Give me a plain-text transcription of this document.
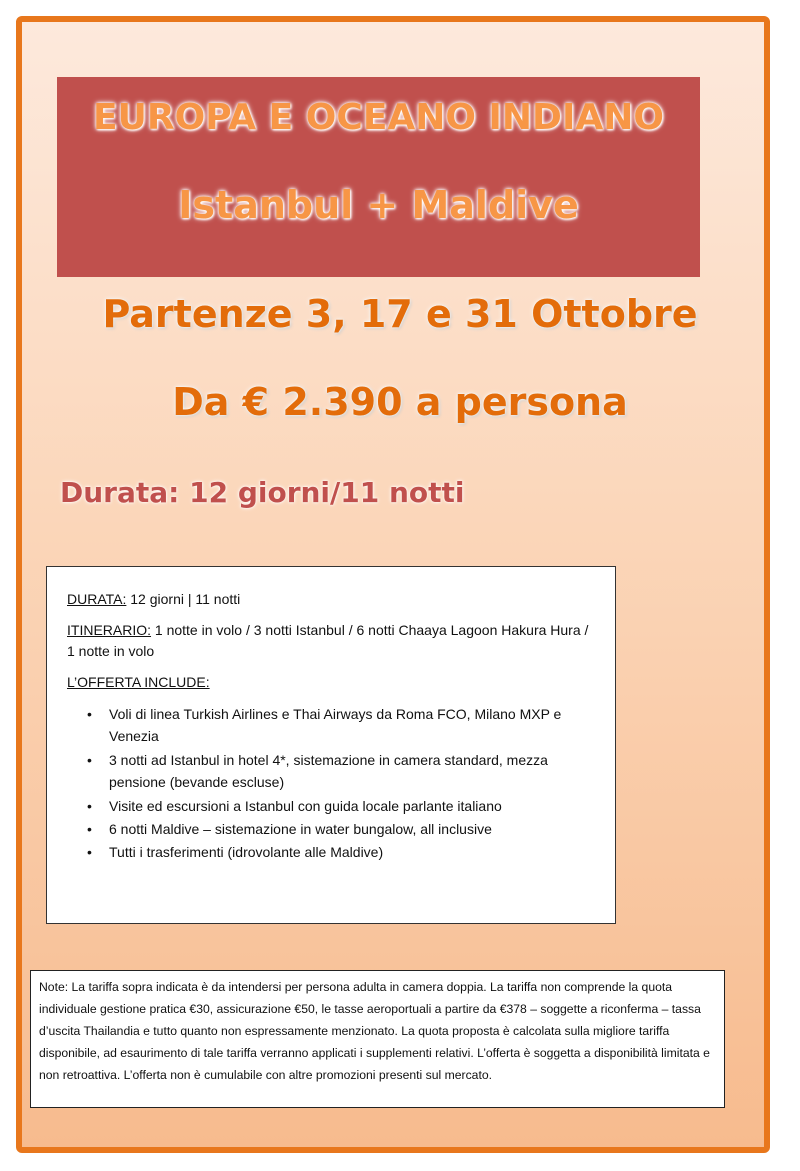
EUROPA E OCEANO INDIANO
Istanbul + Maldive
Partenze 3, 17 e 31 Ottobre
Da € 2.390 a persona
Durata: 12 giorni/11 notti
DURATA: 12 giorni | 11 notti
ITINERARIO: 1 notte in volo / 3 notti Istanbul / 6 notti Chaaya Lagoon Hakura Hura / 1 notte in volo
L’OFFERTA INCLUDE:
• Voli di linea Turkish Airlines e Thai Airways da Roma FCO, Milano MXP e Venezia
• 3 notti ad Istanbul in hotel 4*, sistemazione in camera standard, mezza pensione (bevande escluse)
• Visite ed escursioni a Istanbul con guida locale parlante italiano
• 6 notti Maldive – sistemazione in water bungalow, all inclusive
• Tutti i trasferimenti (idrovolante alle Maldive)
Note: La tariffa sopra indicata è da intendersi per persona adulta in camera doppia. La tariffa non comprende la quota individuale gestione pratica €30, assicurazione €50, le tasse aeroportuali a partire da €378 – soggette a riconferma – tassa d’uscita Thailandia e tutto quanto non espressamente menzionato. La quota proposta è calcolata sulla migliore tariffa disponibile, ad esaurimento di tale tariffa verranno applicati i supplementi relativi. L’offerta è soggetta a disponibilità limitata e non retroattiva. L’offerta non è cumulabile con altre promozioni presenti sul mercato.
